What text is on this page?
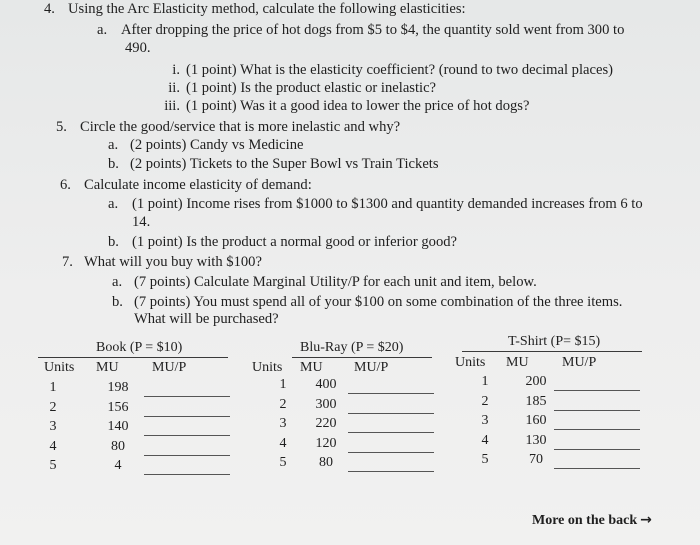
4. Using the Arc Elasticity method, calculate the following elasticities:
a. After dropping the price of hot dogs from $5 to $4, the quantity sold went from 300 to
490.
i. (1 point) What is the elasticity coefficient? (round to two decimal places)
ii. (1 point) Is the product elastic or inelastic?
iii. (1 point) Was it a good idea to lower the price of hot dogs?
5. Circle the good/service that is more inelastic and why?
a. (2 points) Candy vs Medicine
b. (2 points) Tickets to the Super Bowl vs Train Tickets
6. Calculate income elasticity of demand:
a. (1 point) Income rises from $1000 to $1300 and quantity demanded increases from 6 to
14.
b. (1 point) Is the product a normal good or inferior good?
7. What will you buy with $100?
a. (7 points) Calculate Marginal Utility/P for each unit and item, below.
b. (7 points) You must spend all of your $100 on some combination of the three items.
What will be purchased?
Book (P = $10)
Units MU MU/P
1	198
2	156
3	140
4	80
5	4
Blu-Ray (P = $20)
Units MU MU/P
1 400
2 300
3 220
4 120
5	80
T-Shirt (P= $15)
Units MU MU/P
1	200
2	185
3	160
4	130
5	70
More on the back →
